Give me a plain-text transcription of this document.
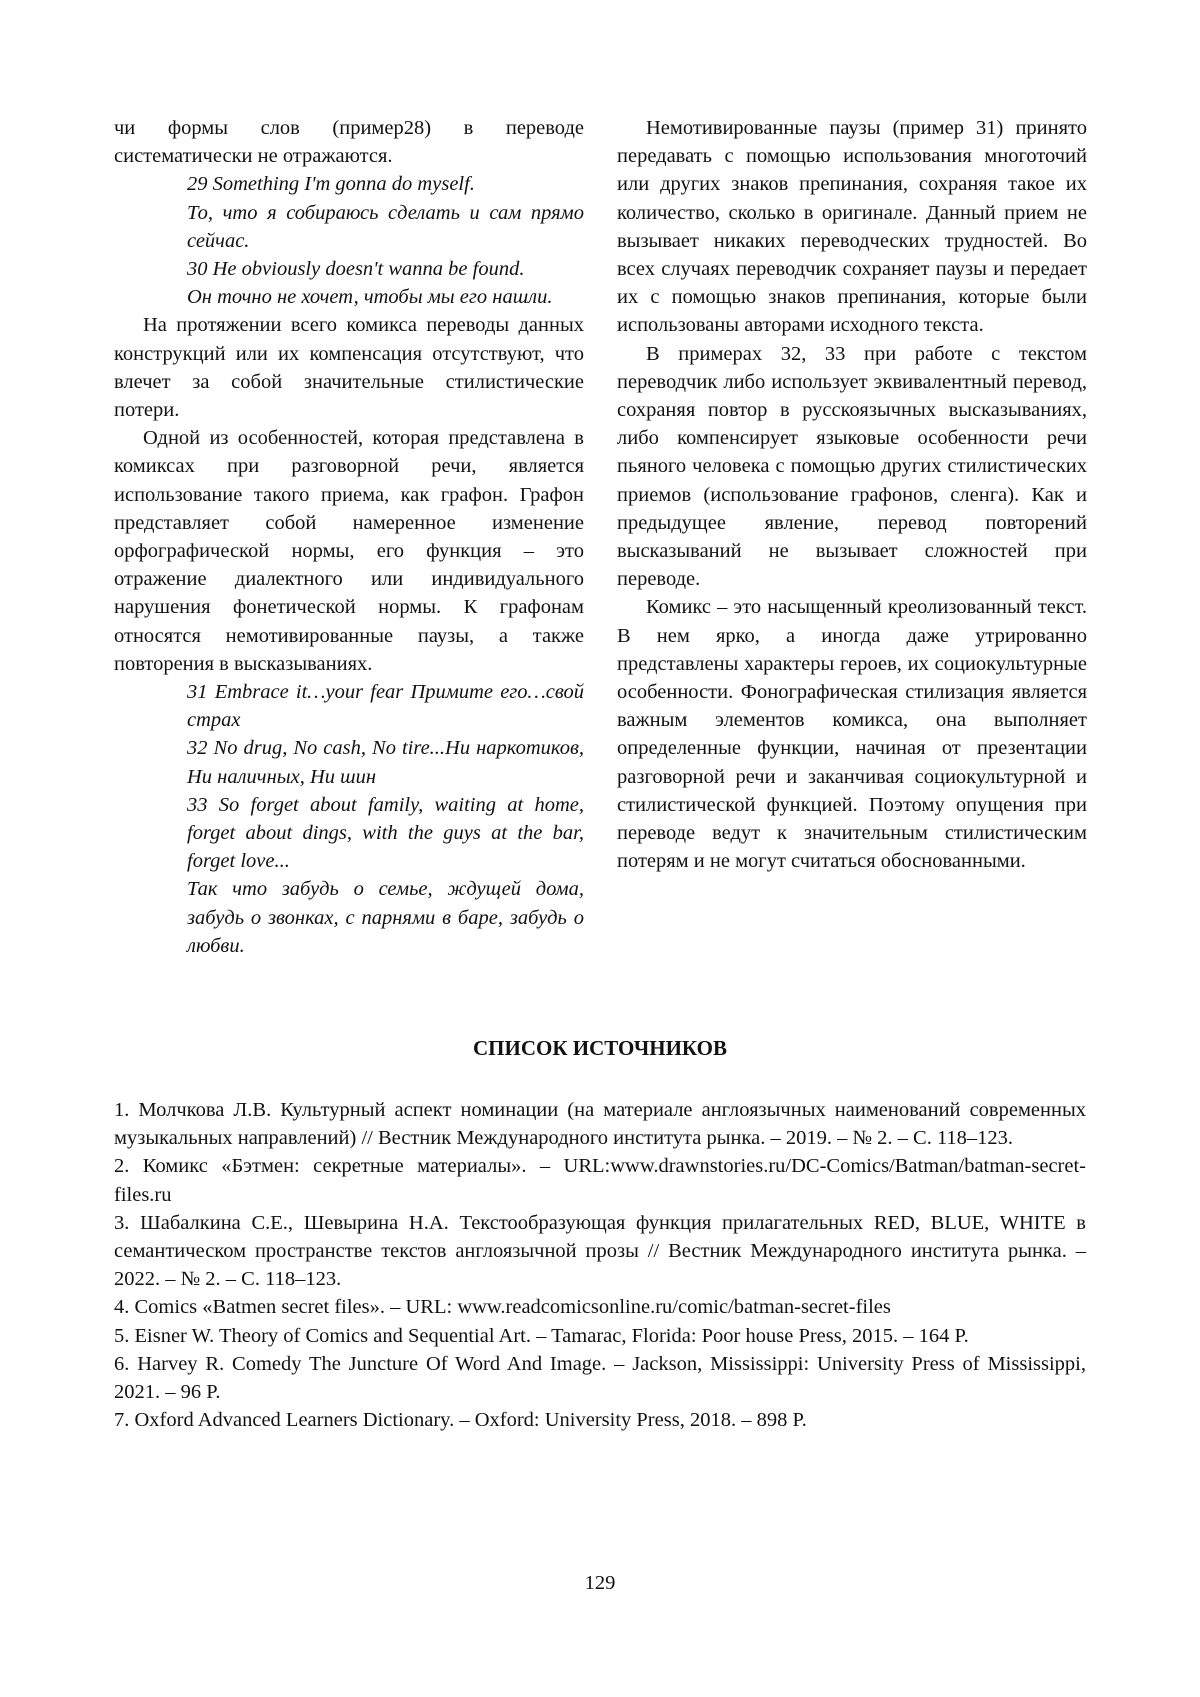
чи формы слов (пример28) в переводе систематически не отражаются.

29 Something I'm gonna do myself.

То, что я собираюсь сделать и сам прямо сейчас.

30 He obviously doesn't wanna be found.

Он точно не хочет, чтобы мы его нашли.

На протяжении всего комикса переводы данных конструкций или их компенсация отсутствуют, что влечет за собой значительные стилистические потери.

Одной из особенностей, которая представлена в комиксах при разговорной речи, является использование такого приема, как графон. Графон представляет собой намеренное изменение орфографической нормы, его функция – это отражение диалектного или индивидуального нарушения фонетической нормы. К графонам относятся немотивированные паузы, а также повторения в высказываниях.

31 Embrace it…your fear Примите его…свой страх

32 No drug, No cash, No tire...Ни наркотиков, Ни наличных, Ни шин

33 So forget about family, waiting at home, forget about dings, with the guys at the bar, forget love...

Так что забудь о семье, ждущей дома, забудь о звонках, с парнями в баре, забудь о любви.

Немотивированные паузы (пример 31) принято передавать с помощью использования многоточий или других знаков препинания, сохраняя такое их количество, сколько в оригинале. Данный прием не вызывает никаких переводческих трудностей. Во всех случаях переводчик сохраняет паузы и передает их с помощью знаков препинания, которые были использованы авторами исходного текста.

В примерах 32, 33 при работе с текстом переводчик либо использует эквивалентный перевод, сохраняя повтор в русскоязычных высказываниях, либо компенсирует языковые особенности речи пьяного человека с помощью других стилистических приемов (использование графонов, сленга). Как и предыдущее явление, перевод повторений высказываний не вызывает сложностей при переводе.

Комикс – это насыщенный креолизованный текст. В нем ярко, а иногда даже утрированно представлены характеры героев, их социокультурные особенности. Фонографическая стилизация является важным элементов комикса, она выполняет определенные функции, начиная от презентации разговорной речи и заканчивая социокультурной и стилистической функцией. Поэтому опущения при переводе ведут к значительным стилистическим потерям и не могут считаться обоснованными.

СПИСОК ИСТОЧНИКОВ

1. Молчкова Л.В. Культурный аспект номинации (на материале англоязычных наименований современных музыкальных направлений) // Вестник Международного института рынка. – 2019. – № 2. – С. 118–123.

2. Комикс «Бэтмен: секретные материалы». – URL:www.drawnstories.ru/DC-Comics/Batman/batman-secret-files.ru

3. Шабалкина С.Е., Шевырина Н.А. Текстообразующая функция прилагательных RED, BLUE, WHITE в семантическом пространстве текстов англоязычной прозы // Вестник Международного института рынка. – 2022. – № 2. – С. 118–123.

4. Comics «Batmen secret files». – URL: www.readcomicsonline.ru/comic/batman-secret-files

5. Eisner W. Theory of Comics and Sequential Art. – Tamarac, Florida: Poor house Press, 2015. – 164 P.

6. Harvey R. Comedy The Juncture Of Word And Image. – Jackson, Mississippi: University Press of Mississippi, 2021. – 96 P.

7. Oxford Advanced Learners Dictionary. – Oxford: University Press, 2018. – 898 P.

129
